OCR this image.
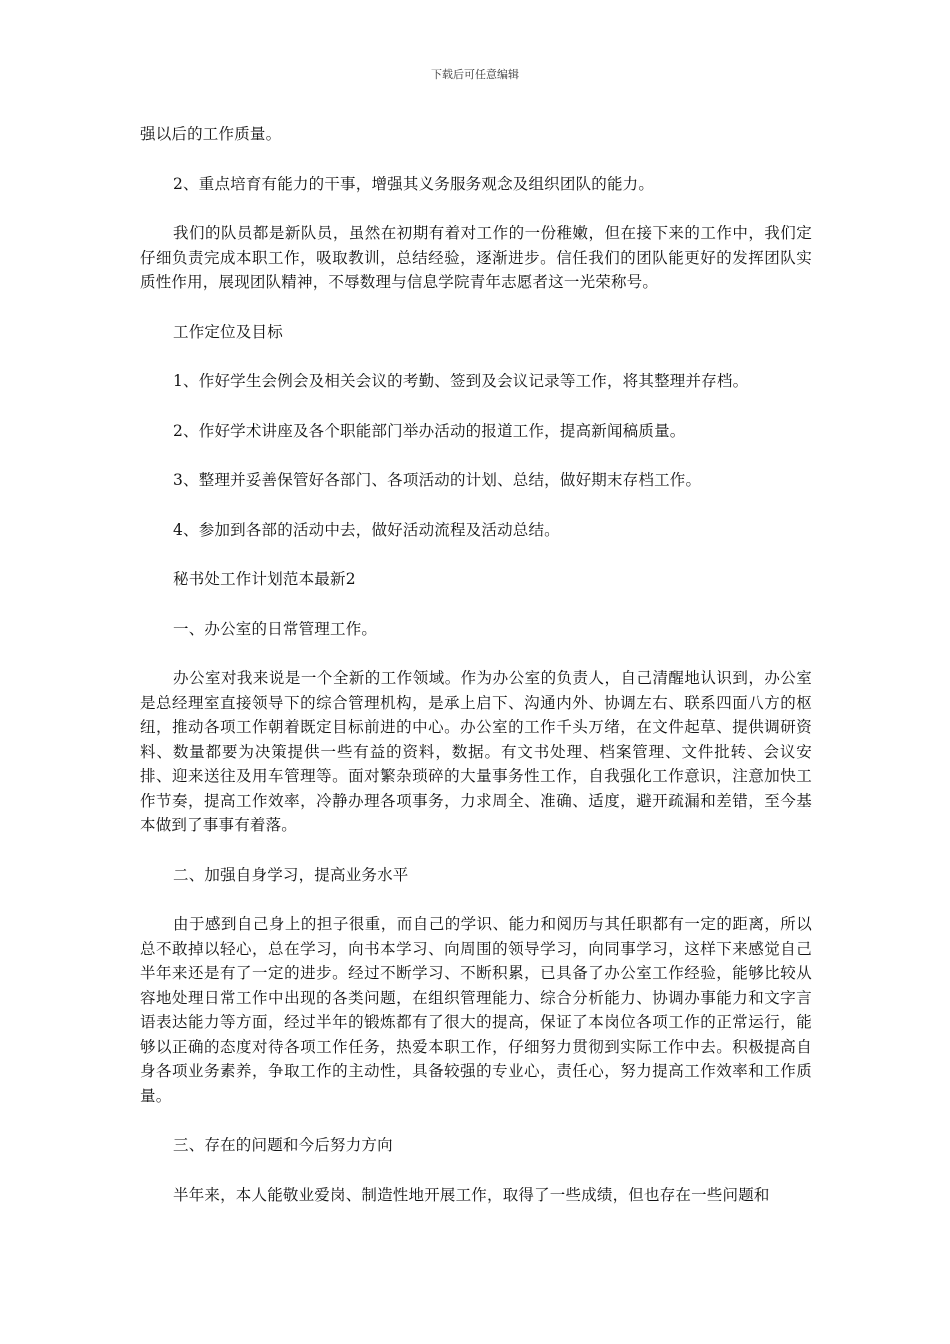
下载后可任意编辑

强以后的工作质量。

2、重点培育有能力的干事，增强其义务服务观念及组织团队的能力。

我们的队员都是新队员，虽然在初期有着对工作的一份稚嫩，但在接下来的工作中，我们定仔细负责完成本职工作，吸取教训，总结经验，逐渐进步。信任我们的团队能更好的发挥团队实质性作用，展现团队精神，不辱数理与信息学院青年志愿者这一光荣称号。

工作定位及目标

1、作好学生会例会及相关会议的考勤、签到及会议记录等工作，将其整理并存档。

2、作好学术讲座及各个职能部门举办活动的报道工作，提高新闻稿质量。

3、整理并妥善保管好各部门、各项活动的计划、总结，做好期末存档工作。

4、参加到各部的活动中去，做好活动流程及活动总结。

秘书处工作计划范本最新2

一、办公室的日常管理工作。

办公室对我来说是一个全新的工作领域。作为办公室的负责人，自己清醒地认识到，办公室是总经理室直接领导下的综合管理机构，是承上启下、沟通内外、协调左右、联系四面八方的枢纽，推动各项工作朝着既定目标前进的中心。办公室的工作千头万绪，在文件起草、提供调研资料、数量都要为决策提供一些有益的资料，数据。有文书处理、档案管理、文件批转、会议安排、迎来送往及用车管理等。面对繁杂琐碎的大量事务性工作，自我强化工作意识，注意加快工作节奏，提高工作效率，冷静办理各项事务，力求周全、准确、适度，避开疏漏和差错，至今基本做到了事事有着落。

二、加强自身学习，提高业务水平

由于感到自己身上的担子很重，而自己的学识、能力和阅历与其任职都有一定的距离，所以总不敢掉以轻心，总在学习，向书本学习、向周围的领导学习，向同事学习，这样下来感觉自己半年来还是有了一定的进步。经过不断学习、不断积累，已具备了办公室工作经验，能够比较从容地处理日常工作中出现的各类问题，在组织管理能力、综合分析能力、协调办事能力和文字言语表达能力等方面，经过半年的锻炼都有了很大的提高，保证了本岗位各项工作的正常运行，能够以正确的态度对待各项工作任务，热爱本职工作，仔细努力贯彻到实际工作中去。积极提高自身各项业务素养，争取工作的主动性，具备较强的专业心，责任心，努力提高工作效率和工作质量。

三、存在的问题和今后努力方向

半年来，本人能敬业爱岗、制造性地开展工作，取得了一些成绩，但也存在一些问题和
